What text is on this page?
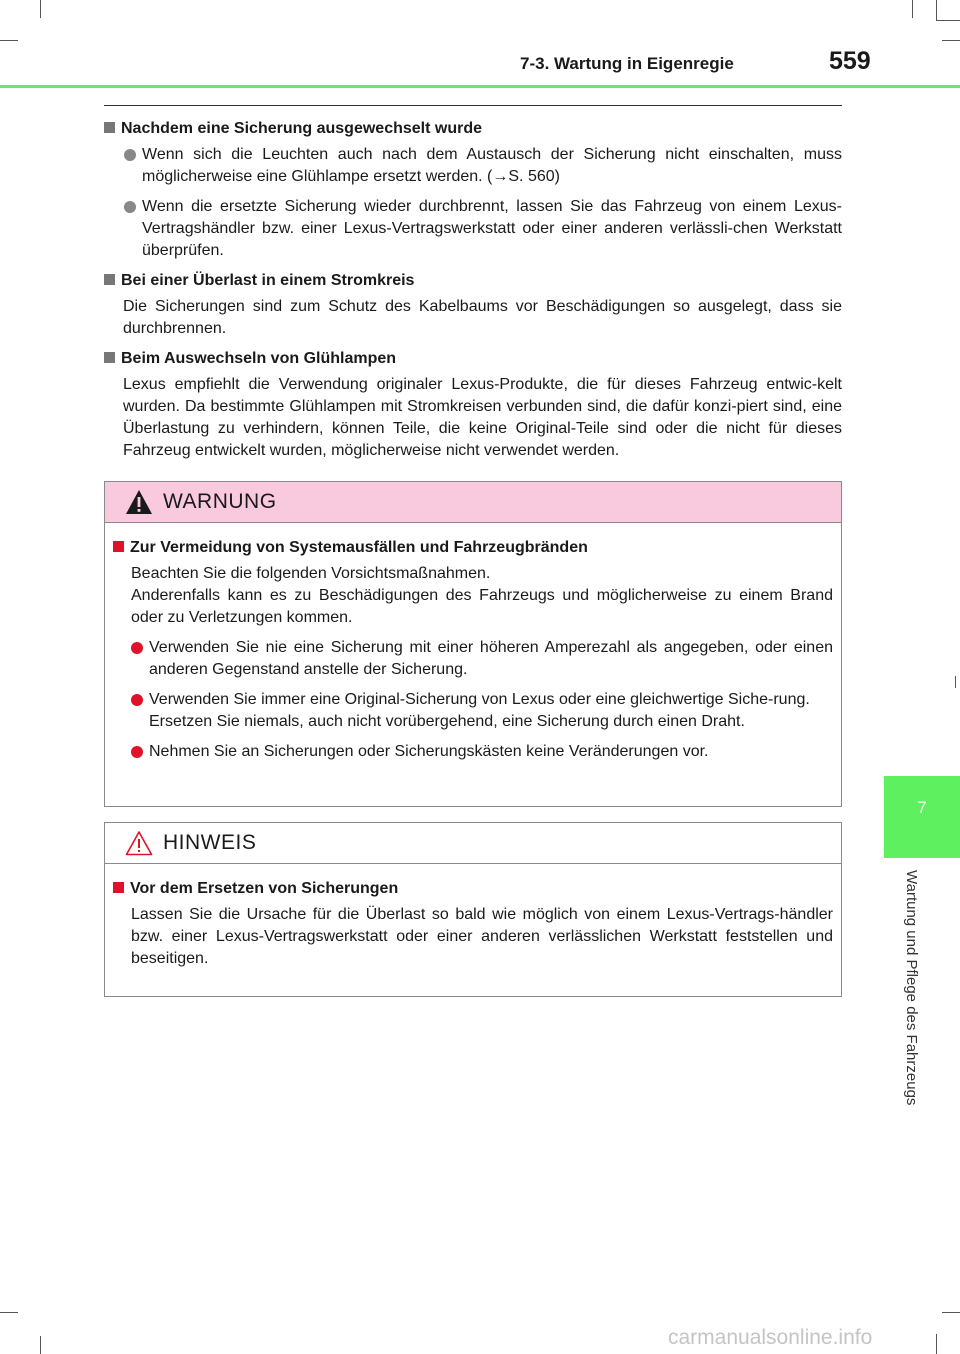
7-3. Wartung in Eigenregie	559
7
Wartung und Pflege des Fahrzeugs
Nachdem eine Sicherung ausgewechselt wurde
Wenn sich die Leuchten auch nach dem Austausch der Sicherung nicht einschalten, muss möglicherweise eine Glühlampe ersetzt werden. (→S. 560)
Wenn die ersetzte Sicherung wieder durchbrennt, lassen Sie das Fahrzeug von einem Lexus-Vertragshändler bzw. einer Lexus-Vertragswerkstatt oder einer anderen verlässli-chen Werkstatt überprüfen.
Bei einer Überlast in einem Stromkreis
Die Sicherungen sind zum Schutz des Kabelbaums vor Beschädigungen so ausgelegt, dass sie durchbrennen.
Beim Auswechseln von Glühlampen
Lexus empfiehlt die Verwendung originaler Lexus-Produkte, die für dieses Fahrzeug entwic-kelt wurden. Da bestimmte Glühlampen mit Stromkreisen verbunden sind, die dafür konzi-piert sind, eine Überlastung zu verhindern, können Teile, die keine Original-Teile sind oder die nicht für dieses Fahrzeug entwickelt wurden, möglicherweise nicht verwendet werden.
WARNUNG
Zur Vermeidung von Systemausfällen und Fahrzeugbränden
Beachten Sie die folgenden Vorsichtsmaßnahmen.
Anderenfalls kann es zu Beschädigungen des Fahrzeugs und möglicherweise zu einem Brand oder zu Verletzungen kommen.
Verwenden Sie nie eine Sicherung mit einer höheren Amperezahl als angegeben, oder einen anderen Gegenstand anstelle der Sicherung.
Verwenden Sie immer eine Original-Sicherung von Lexus oder eine gleichwertige Siche-rung.
Ersetzen Sie niemals, auch nicht vorübergehend, eine Sicherung durch einen Draht.
Nehmen Sie an Sicherungen oder Sicherungskästen keine Veränderungen vor.
HINWEIS
Vor dem Ersetzen von Sicherungen
Lassen Sie die Ursache für die Überlast so bald wie möglich von einem Lexus-Vertrags-händler bzw. einer Lexus-Vertragswerkstatt oder einer anderen verlässlichen Werkstatt feststellen und beseitigen.
carmanualsonline.info
